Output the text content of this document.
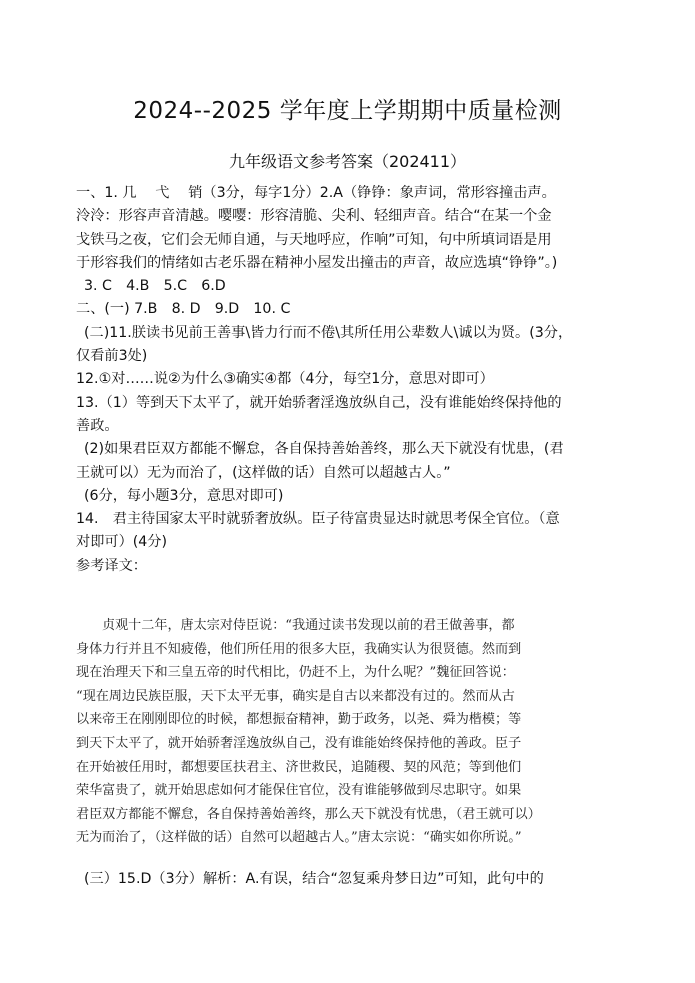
2024--2025 学年度上学期期中质量检测
九年级语文参考答案（202411）
一、1. 几　 弋　 销（3分，每字1分）2.A（铮铮：象声词，常形容撞击声。
泠泠：形容声音清越。嘤嘤：形容清脆、尖利、轻细声音。结合“在某一个金
戈铁马之夜，它们会无师自通，与天地呼应，作响”可知，句中所填词语是用
于形容我们的情绪如古老乐器在精神小屋发出撞击的声音，故应选填“铮铮”。)
3. C　4.B　5.C　6.D
二、(一) 7.B　8. D　9.D　10. C
(二)11.朕读书见前王善事\皆力行而不倦\其所任用公辈数人\诚以为贤。(3分，
仅看前3处)
12.①对……说②为什么③确实④都（4分，每空1分，意思对即可）
13.（1）等到天下太平了，就开始骄奢淫逸放纵自己，没有谁能始终保持他的
善政。
(2)如果君臣双方都能不懈怠，各自保持善始善终，那么天下就没有忧患，(君
王就可以）无为而治了，(这样做的话）自然可以超越古人。”
(6分，每小题3分，意思对即可)
14.　君主待国家太平时就骄奢放纵。臣子待富贵显达时就思考保全官位。（意
对即可）(4分)
参考译文：
贞观十二年，唐太宗对侍臣说：“我通过读书发现以前的君王做善事，都
身体力行并且不知疲倦，他们所任用的很多大臣，我确实认为很贤德。然而到
现在治理天下和三皇五帝的时代相比，仍赶不上，为什么呢？”魏征回答说：
“现在周边民族臣服，天下太平无事，确实是自古以来都没有过的。然而从古
以来帝王在刚刚即位的时候，都想振奋精神，勤于政务，以尧、舜为楷模；等
到天下太平了，就开始骄奢淫逸放纵自己，没有谁能始终保持他的善政。臣子
在开始被任用时，都想要匡扶君主、济世救民，追随稷、契的风范；等到他们
荣华富贵了，就开始思虑如何才能保住官位，没有谁能够做到尽忠职守。如果
君臣双方都能不懈怠，各自保持善始善终，那么天下就没有忧患，（君王就可以）
无为而治了，（这样做的话）自然可以超越古人。”唐太宗说：“确实如你所说。”
(三）15.D（3分）解析：A.有误，结合“忽复乘舟梦日边”可知，此句中的
